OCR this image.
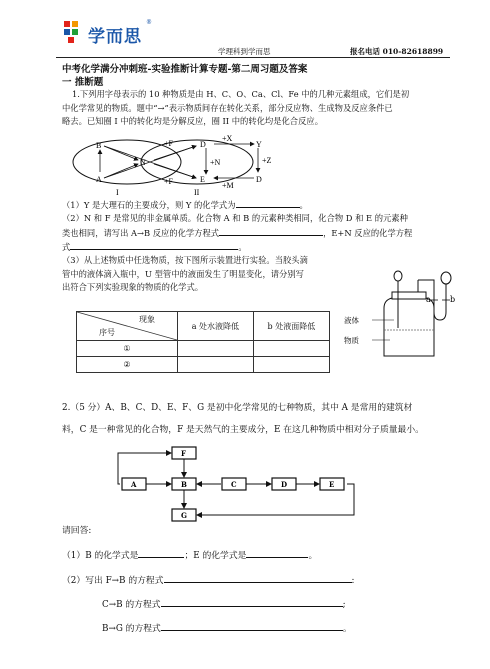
学而思
®
学理科到学而思	报名电话 010-82618899
中考化学满分冲刺班-实验推断计算专题-第二周习题及答案
一 推断题
1.下列用字母表示的 10 种物质是由 H、C、O、Ca、Cl、Fe 中的几种元素组成，它们是初
中化学常见的物质。题中“→”表示物质间存在转化关系，部分反应物、生成物及反应条件已
略去。已知圈 I 中的转化均是分解反应，圈 II 中的转化均是化合反应。
B
A
N
+F
+F
D
E
+N
+X
Y
+Z
+M
D
I	II
（1）Y 是大理石的主要成分，则 Y 的化学式为	。
（2）N 和 F 是常见的非金属单质。化合物 A 和 B 的元素种类相同，化合物 D 和 E 的元素种
类也相同，请写出 A→B 反应的化学方程式	，E+N 反应的化学方程
式	。
（3）从上述物质中任选物质，按下图所示装置进行实验。当胶头滴
管中的液体滴入瓶中，U 型管中的液面发生了明显变化，请分别写
出符合下列实验现象的物质的化学式。
现象
序号	a 处水液降低	b 处液面降低
①		
②		
a b
液体
物质
2.（5 分）A、B、C、D、E、F、G 是初中化学常见的七种物质，其中 A 是常用的建筑材
料，C 是一种常见的化合物，F 是天然气的主要成分，E 在这几种物质中相对分子质量最小。
F
A	B	C	D	E
G
请回答:
（1）B 的化学式是	；E 的化学式是	。
（2）写出 F→B 的方程式	:
C→B 的方程式	;
B→G 的方程式	。
